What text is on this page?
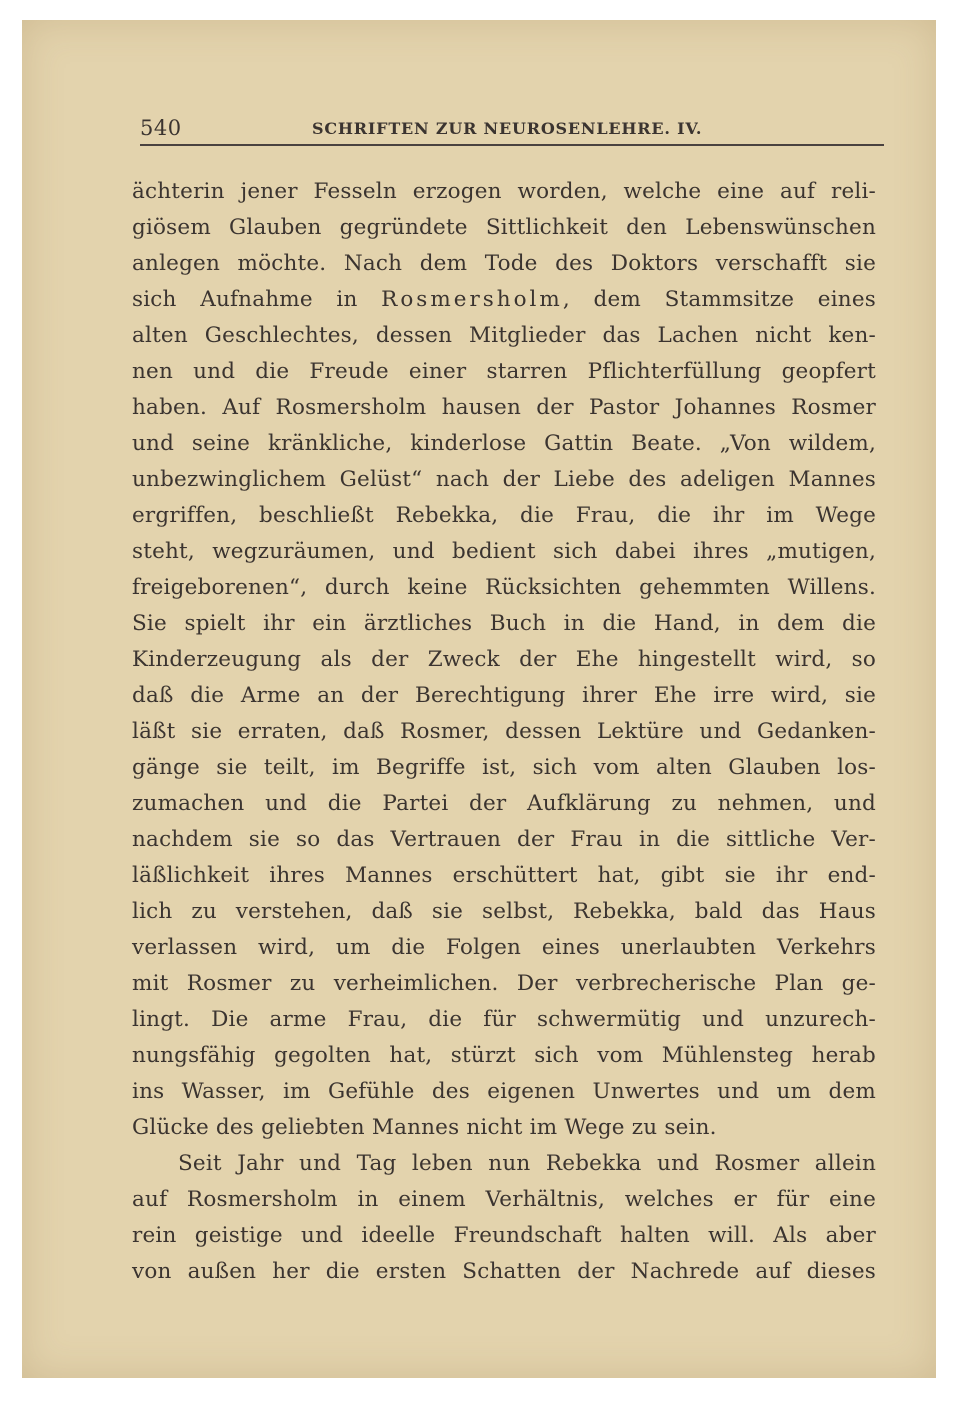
540	SCHRIFTEN ZUR NEUROSENLEHRE. IV.
ächterin jener Fesseln erzogen worden, welche eine auf reli-
giösem Glauben gegründete Sittlichkeit den Lebenswünschen
anlegen möchte. Nach dem Tode des Doktors verschafft sie
sich Aufnahme in Rosmersholm, dem Stammsitze eines
alten Geschlechtes, dessen Mitglieder das Lachen nicht ken-
nen und die Freude einer starren Pflichterfüllung geopfert
haben. Auf Rosmersholm hausen der Pastor Johannes Rosmer
und seine kränkliche, kinderlose Gattin Beate. „Von wildem,
unbezwinglichem Gelüst“ nach der Liebe des adeligen Mannes
ergriffen, beschließt Rebekka, die Frau, die ihr im Wege
steht, wegzuräumen, und bedient sich dabei ihres „mutigen,
freigeborenen“, durch keine Rücksichten gehemmten Willens.
Sie spielt ihr ein ärztliches Buch in die Hand, in dem die
Kinderzeugung als der Zweck der Ehe hingestellt wird, so
daß die Arme an der Berechtigung ihrer Ehe irre wird, sie
läßt sie erraten, daß Rosmer, dessen Lektüre und Gedanken-
gänge sie teilt, im Begriffe ist, sich vom alten Glauben los-
zumachen und die Partei der Aufklärung zu nehmen, und
nachdem sie so das Vertrauen der Frau in die sittliche Ver-
läßlichkeit ihres Mannes erschüttert hat, gibt sie ihr end-
lich zu verstehen, daß sie selbst, Rebekka, bald das Haus
verlassen wird, um die Folgen eines unerlaubten Verkehrs
mit Rosmer zu verheimlichen. Der verbrecherische Plan ge-
lingt. Die arme Frau, die für schwermütig und unzurech-
nungsfähig gegolten hat, stürzt sich vom Mühlensteg herab
ins Wasser, im Gefühle des eigenen Unwertes und um dem
Glücke des geliebten Mannes nicht im Wege zu sein.
Seit Jahr und Tag leben nun Rebekka und Rosmer allein
auf Rosmersholm in einem Verhältnis, welches er für eine
rein geistige und ideelle Freundschaft halten will. Als aber
von außen her die ersten Schatten der Nachrede auf dieses
